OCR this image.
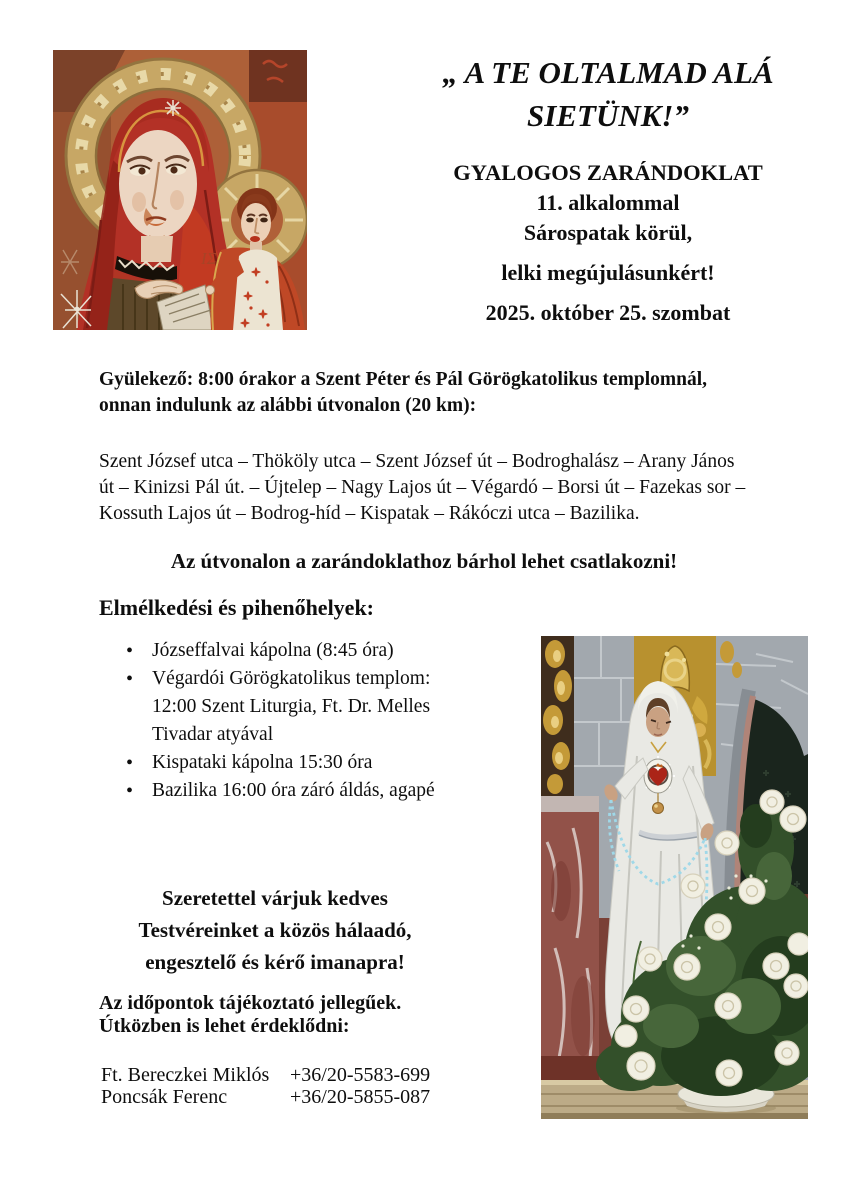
ΙΣ
„ A TE OLTALMAD ALÁ
SIETÜNK!”
GYALOGOS ZARÁNDOKLAT
11. alkalommal
Sárospatak körül,
lelki megújulásunkért!
2025. október 25. szombat

Gyülekező: 8:00 órakor a Szent Péter és Pál Görögkatolikus templomnál, onnan indulunk az alábbi útvonalon (20 km):

Szent József utca – Thököly utca – Szent József út – Bodroghalász – Arany János út – Kinizsi Pál út. – Újtelep – Nagy Lajos út – Végardó – Borsi út – Fazekas sor – Kossuth Lajos út – Bodrog-híd – Kispatak – Rákóczi utca – Bazilika.

Az útvonalon a zarándoklathoz bárhol lehet csatlakozni!

Elmélkedési és pihenőhelyek:
• Józseffalvai kápolna (8:45 óra)
• Végardói Görögkatolikus templom: 12:00 Szent Liturgia, Ft. Dr. Melles Tivadar atyával
• Kispataki kápolna 15:30 óra
• Bazilika 16:00 óra záró áldás, agapé
Szeretettel várjuk kedves
Testvéreinket a közös hálaadó,
engesztelő és kérő imanapra!
Az időpontok tájékoztató jellegűek.
Útközben is lehet érdeklődni:
Ft. Bereczkei Miklós +36/20-5583-699
Poncsák Ferenc	+36/20-5855-087
